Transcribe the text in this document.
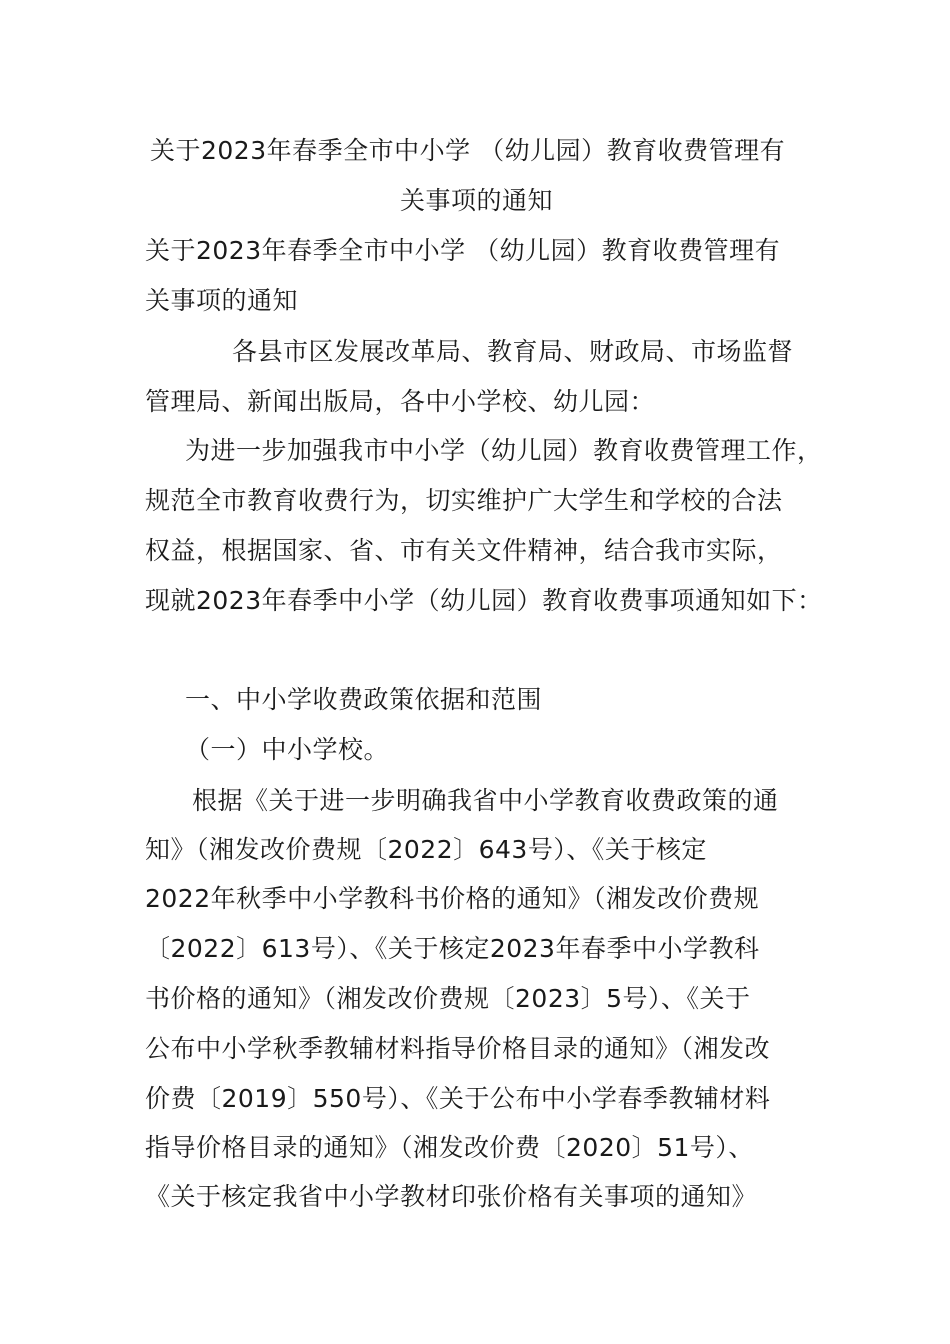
关于2023年春季全市中小学 （幼儿园）教育收费管理有
关事项的通知
关于2023年春季全市中小学 （幼儿园）教育收费管理有
关事项的通知
各县市区发展改革局、教育局、财政局、市场监督
管理局、新闻出版局，各中小学校、幼儿园：
为进一步加强我市中小学（幼儿园）教育收费管理工作，
规范全市教育收费行为，切实维护广大学生和学校的合法
权益，根据国家、省、市有关文件精神，结合我市实际，
现就2023年春季中小学（幼儿园）教育收费事项通知如下：
一、中小学收费政策依据和范围
（一）中小学校。
根据《关于进一步明确我省中小学教育收费政策的通
知》（湘发改价费规〔2022〕643号）、《关于核定
2022年秋季中小学教科书价格的通知》（湘发改价费规
〔2022〕613号）、《关于核定2023年春季中小学教科
书价格的通知》（湘发改价费规〔2023〕5号）、《关于
公布中小学秋季教辅材料指导价格目录的通知》（湘发改
价费〔2019〕550号）、《关于公布中小学春季教辅材料
指导价格目录的通知》（湘发改价费〔2020〕51号）、
《关于核定我省中小学教材印张价格有关事项的通知》
